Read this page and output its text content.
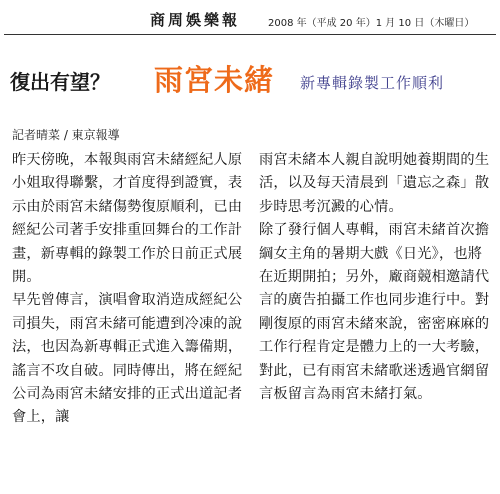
商周娛樂報	2008 年（平成 20 年）1 月 10 日（木曜日）
復出有望？ 雨宮未緒 新專輯錄製工作順利
記者晴菜 / 東京報導

昨天傍晚，本報與雨宮未緒經紀人原小姐取得聯繫，才首度得到證實，表示由於雨宮未緒傷勢復原順利，已由經紀公司著手安排重回舞台的工作計畫，新專輯的錄製工作於日前正式展開。

早先曾傳言，演唱會取消造成經紀公司損失，雨宮未緒可能遭到冷凍的說法，也因為新專輯正式進入籌備期，謠言不攻自破。同時傳出，將在經紀公司為雨宮未緒安排的正式出道記者會上，讓

雨宮未緒本人親自說明她養期間的生活，以及每天清晨到「遺忘之森」散步時思考沉澱的心情。

除了發行個人專輯，雨宮未緒首次擔綱女主角的暑期大戲《日光》，也將在近期開拍；另外，廠商競相邀請代言的廣告拍攝工作也同步進行中。對剛復原的雨宮未緒來說，密密麻麻的工作行程肯定是體力上的一大考驗，對此，已有雨宮未緒歌迷透過官網留言板留言為雨宮未緒打氣。
